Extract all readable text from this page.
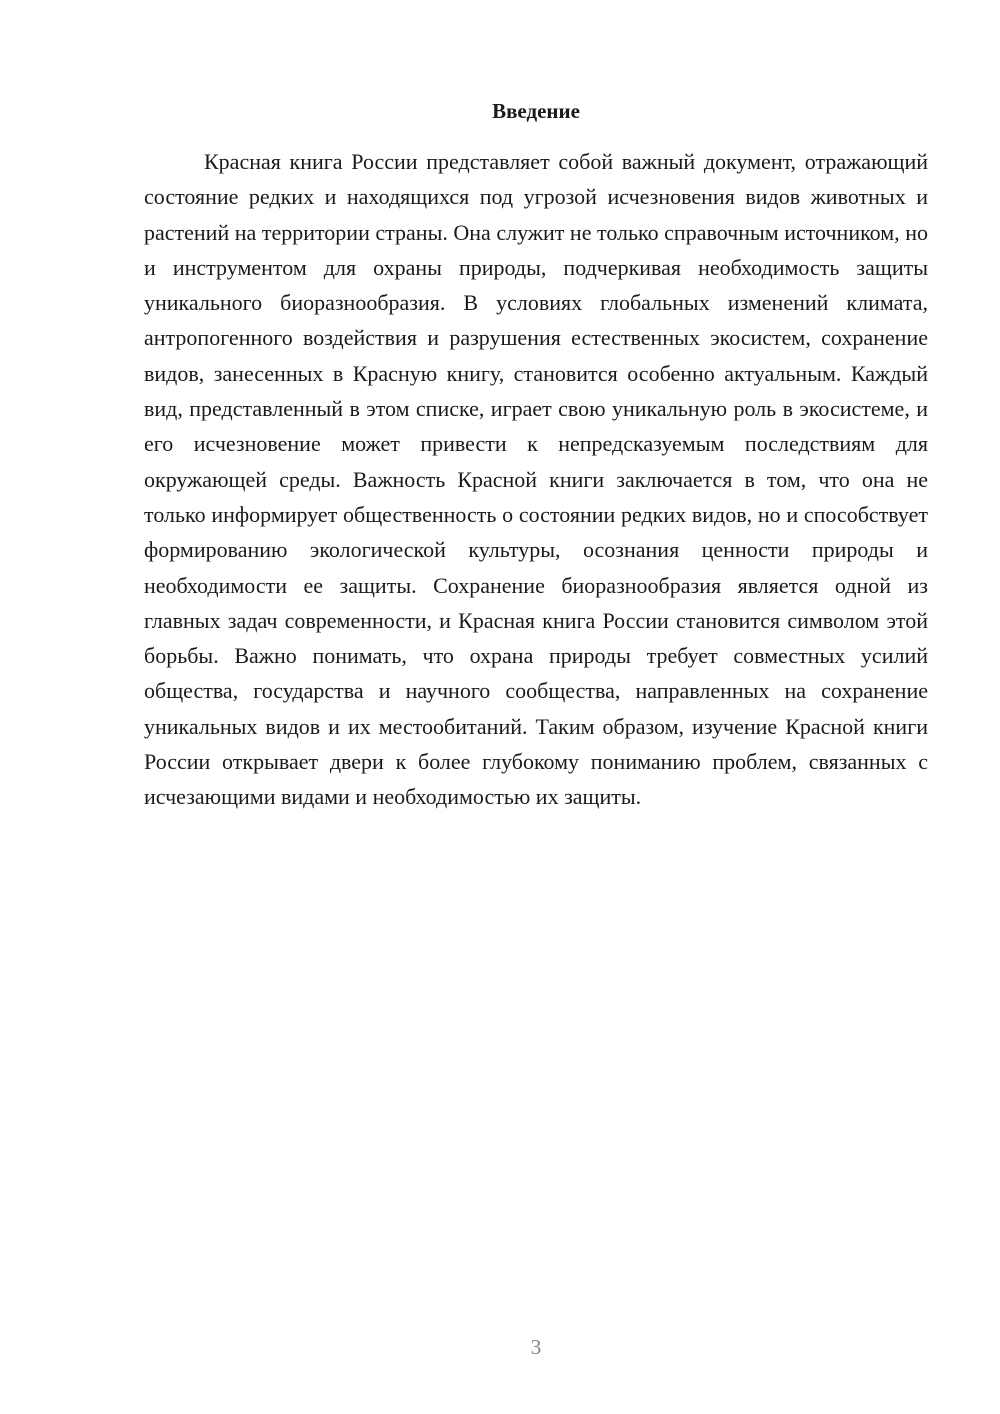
Введение

Красная книга России представляет собой важный документ, отражающий состояние редких и находящихся под угрозой исчезновения видов животных и растений на территории страны. Она служит не только справочным источником, но и инструментом для охраны природы, подчеркивая необходимость защиты уникального биоразнообразия. В условиях глобальных изменений климата, антропогенного воздействия и разрушения естественных экосистем, сохранение видов, занесенных в Красную книгу, становится особенно актуальным. Каждый вид, представленный в этом списке, играет свою уникальную роль в экосистеме, и его исчезновение может привести к непредсказуемым последствиям для окружающей среды. Важность Красной книги заключается в том, что она не только информирует общественность о состоянии редких видов, но и способствует формированию экологической культуры, осознания ценности природы и необходимости ее защиты. Сохранение биоразнообразия является одной из главных задач современности, и Красная книга России становится символом этой борьбы. Важно понимать, что охрана природы требует совместных усилий общества, государства и научного сообщества, направленных на сохранение уникальных видов и их местообитаний. Таким образом, изучение Красной книги России открывает двери к более глубокому пониманию проблем, связанных с исчезающими видами и необходимостью их защиты.

3
